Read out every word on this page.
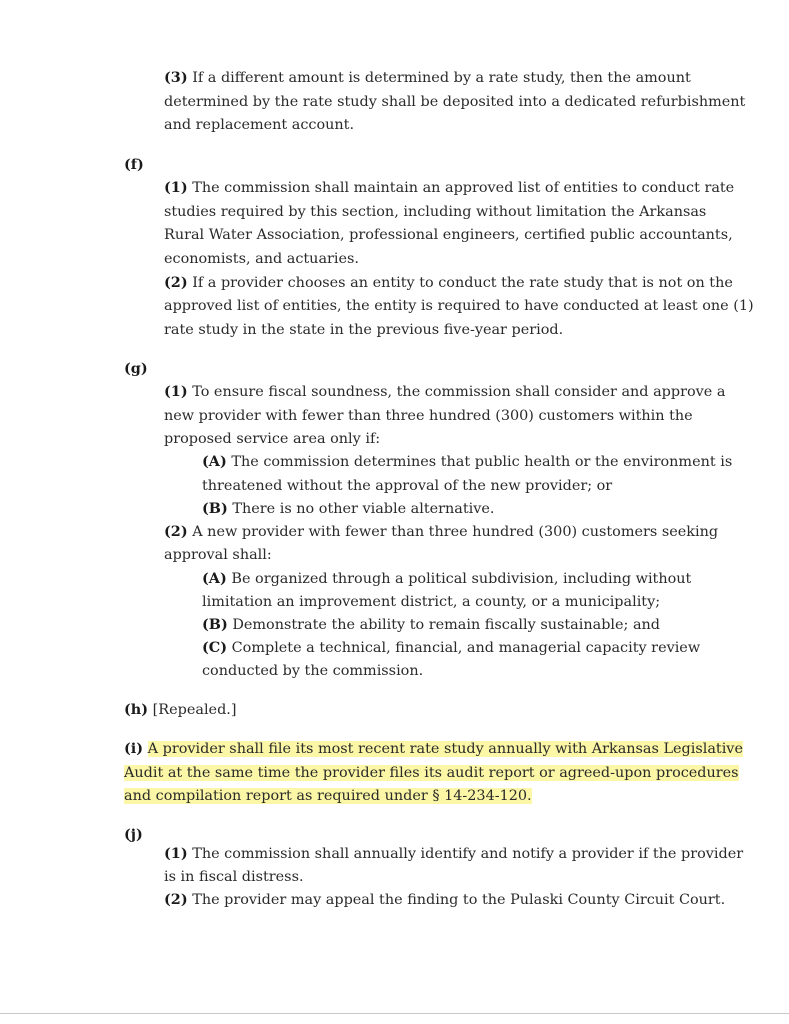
(3) If a different amount is determined by a rate study, then the amount
determined by the rate study shall be deposited into a dedicated refurbishment
and replacement account.
(f)
(1) The commission shall maintain an approved list of entities to conduct rate
studies required by this section, including without limitation the Arkansas
Rural Water Association, professional engineers, certified public accountants,
economists, and actuaries.
(2) If a provider chooses an entity to conduct the rate study that is not on the
approved list of entities, the entity is required to have conducted at least one (1)
rate study in the state in the previous five-year period.
(g)
(1) To ensure fiscal soundness, the commission shall consider and approve a
new provider with fewer than three hundred (300) customers within the
proposed service area only if:
(A) The commission determines that public health or the environment is
threatened without the approval of the new provider; or
(B) There is no other viable alternative.
(2) A new provider with fewer than three hundred (300) customers seeking
approval shall:
(A) Be organized through a political subdivision, including without
limitation an improvement district, a county, or a municipality;
(B) Demonstrate the ability to remain fiscally sustainable; and
(C) Complete a technical, financial, and managerial capacity review
conducted by the commission.
(h) [Repealed.]
(i) A provider shall file its most recent rate study annually with Arkansas Legislative
Audit at the same time the provider files its audit report or agreed-upon procedures
and compilation report as required under § 14-234-120.
(j)
(1) The commission shall annually identify and notify a provider if the provider
is in fiscal distress.
(2) The provider may appeal the finding to the Pulaski County Circuit Court.
